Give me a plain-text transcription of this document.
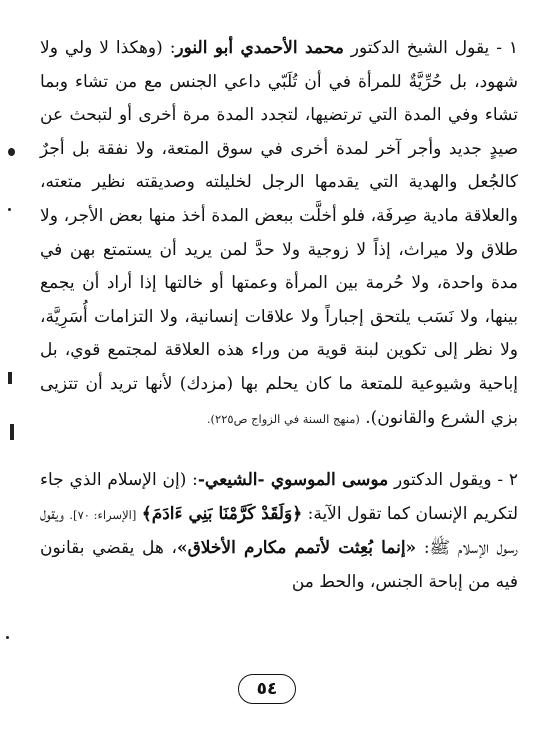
١ - يقول الشيخ الدكتور محمد الأحمدي أبو النور: (وهكذا لا ولي ولا شهود، بل حُرِّيَّةٌ للمرأة في أن تُلَبّي داعي الجنس مع من تشاء وبما تشاء وفي المدة التي ترتضيها، لتجدد المدة مرة أخرى أو لتبحث عن صيدٍ جديد وأجر آخر لمدة أخرى في سوق المتعة، ولا نفقة بل أجرٌ كالجُعل والهدية التي يقدمها الرجل لخليلته وصديقته نظير متعته، والعلاقة مادية صِرفَة، فلو أخلَّت ببعض المدة أخذ منها بعض الأجر، ولا طلاق ولا ميراث، إذاً لا زوجية ولا حدَّ لمن يريد أن يستمتع بهن في مدة واحدة، ولا حُرمة بين المرأة وعمتها أو خالتها إذا أراد أن يجمع بينها، ولا نَسَب يلتحق إجباراً ولا علاقات إنسانية، ولا التزامات أُسَرِيَّة، ولا نظر إلى تكوين لبنة قوية من وراء هذه العلاقة لمجتمع قوي، بل إباحية وشيوعية للمتعة ما كان يحلم بها (مزدك) لأنها تريد أن تتزيى بزي الشرع والقانون). (منهج السنة في الزواج ص٢٢٥).

٢ - ويقول الدكتور موسى الموسوي -الشيعي-: (إن الإسلام الذي جاء لتكريم الإنسان كما تقول الآية: ﴿وَلَقَدْ كَرَّمْنَا بَنِي ءَادَمَ﴾ [الإسراء: ٧٠]. ويقول رسول الإسلام ﷺ: «إنما بُعِثت لأتمم مكارم الأخلاق»، هل يقضي بقانون فيه من إباحة الجنس، والحط من

٥٤
